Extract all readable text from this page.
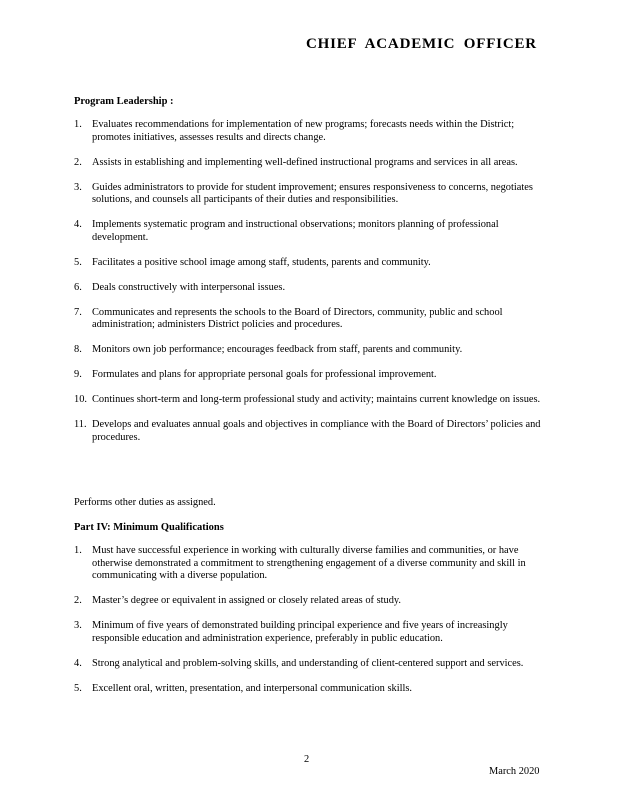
CHIEF ACADEMIC OFFICER
Program Leadership :
1. Evaluates recommendations for implementation of new programs; forecasts needs within the District; promotes initiatives, assesses results and directs change.
2. Assists in establishing and implementing well-defined instructional programs and services in all areas.
3. Guides administrators to provide for student improvement; ensures responsiveness to concerns, negotiates solutions, and counsels all participants of their duties and responsibilities.
4. Implements systematic program and instructional observations; monitors planning of professional development.
5. Facilitates a positive school image among staff, students, parents and community.
6. Deals constructively with interpersonal issues.
7. Communicates and represents the schools to the Board of Directors, community, public and school administration; administers District policies and procedures.
8. Monitors own job performance; encourages feedback from staff, parents and community.
9. Formulates and plans for appropriate personal goals for professional improvement.
10. Continues short-term and long-term professional study and activity; maintains current knowledge on issues.
11. Develops and evaluates annual goals and objectives in compliance with the Board of Directors’ policies and procedures.
Performs other duties as assigned.
Part IV: Minimum Qualifications
1. Must have successful experience in working with culturally diverse families and communities, or have otherwise demonstrated a commitment to strengthening engagement of a diverse community and skill in communicating with a diverse population.
2. Master’s degree or equivalent in assigned or closely related areas of study.
3. Minimum of five years of demonstrated building principal experience and five years of increasingly responsible education and administration experience, preferably in public education.
4. Strong analytical and problem-solving skills, and understanding of client-centered support and services.
5. Excellent oral, written, presentation, and interpersonal communication skills.
2
March 2020
